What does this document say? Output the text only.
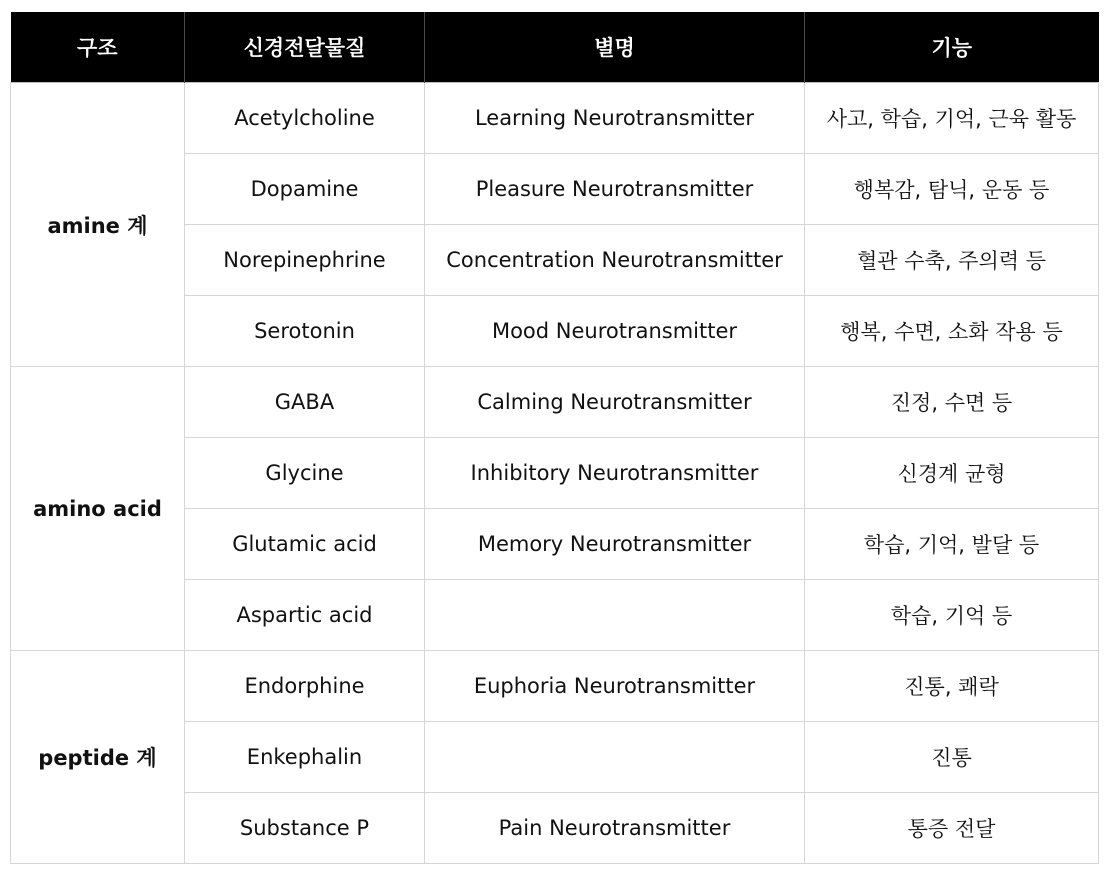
구조	신경전달물질	별명	기능
amine 계	Acetylcholine	Learning Neurotransmitter	사고, 학습, 기억, 근육 활동
	Dopamine	Pleasure Neurotransmitter	행복감, 탐닉, 운동 등
	Norepinephrine	Concentration Neurotransmitter	혈관 수축, 주의력 등
	Serotonin	Mood Neurotransmitter	행복, 수면, 소화 작용 등
amino acid	GABA	Calming Neurotransmitter	진정, 수면 등
	Glycine	Inhibitory Neurotransmitter	신경계 균형
	Glutamic acid	Memory Neurotransmitter	학습, 기억, 발달 등
	Aspartic acid		학습, 기억 등
peptide 계	Endorphine	Euphoria Neurotransmitter	진통, 쾌락
	Enkephalin		진통
	Substance P	Pain Neurotransmitter	통증 전달
